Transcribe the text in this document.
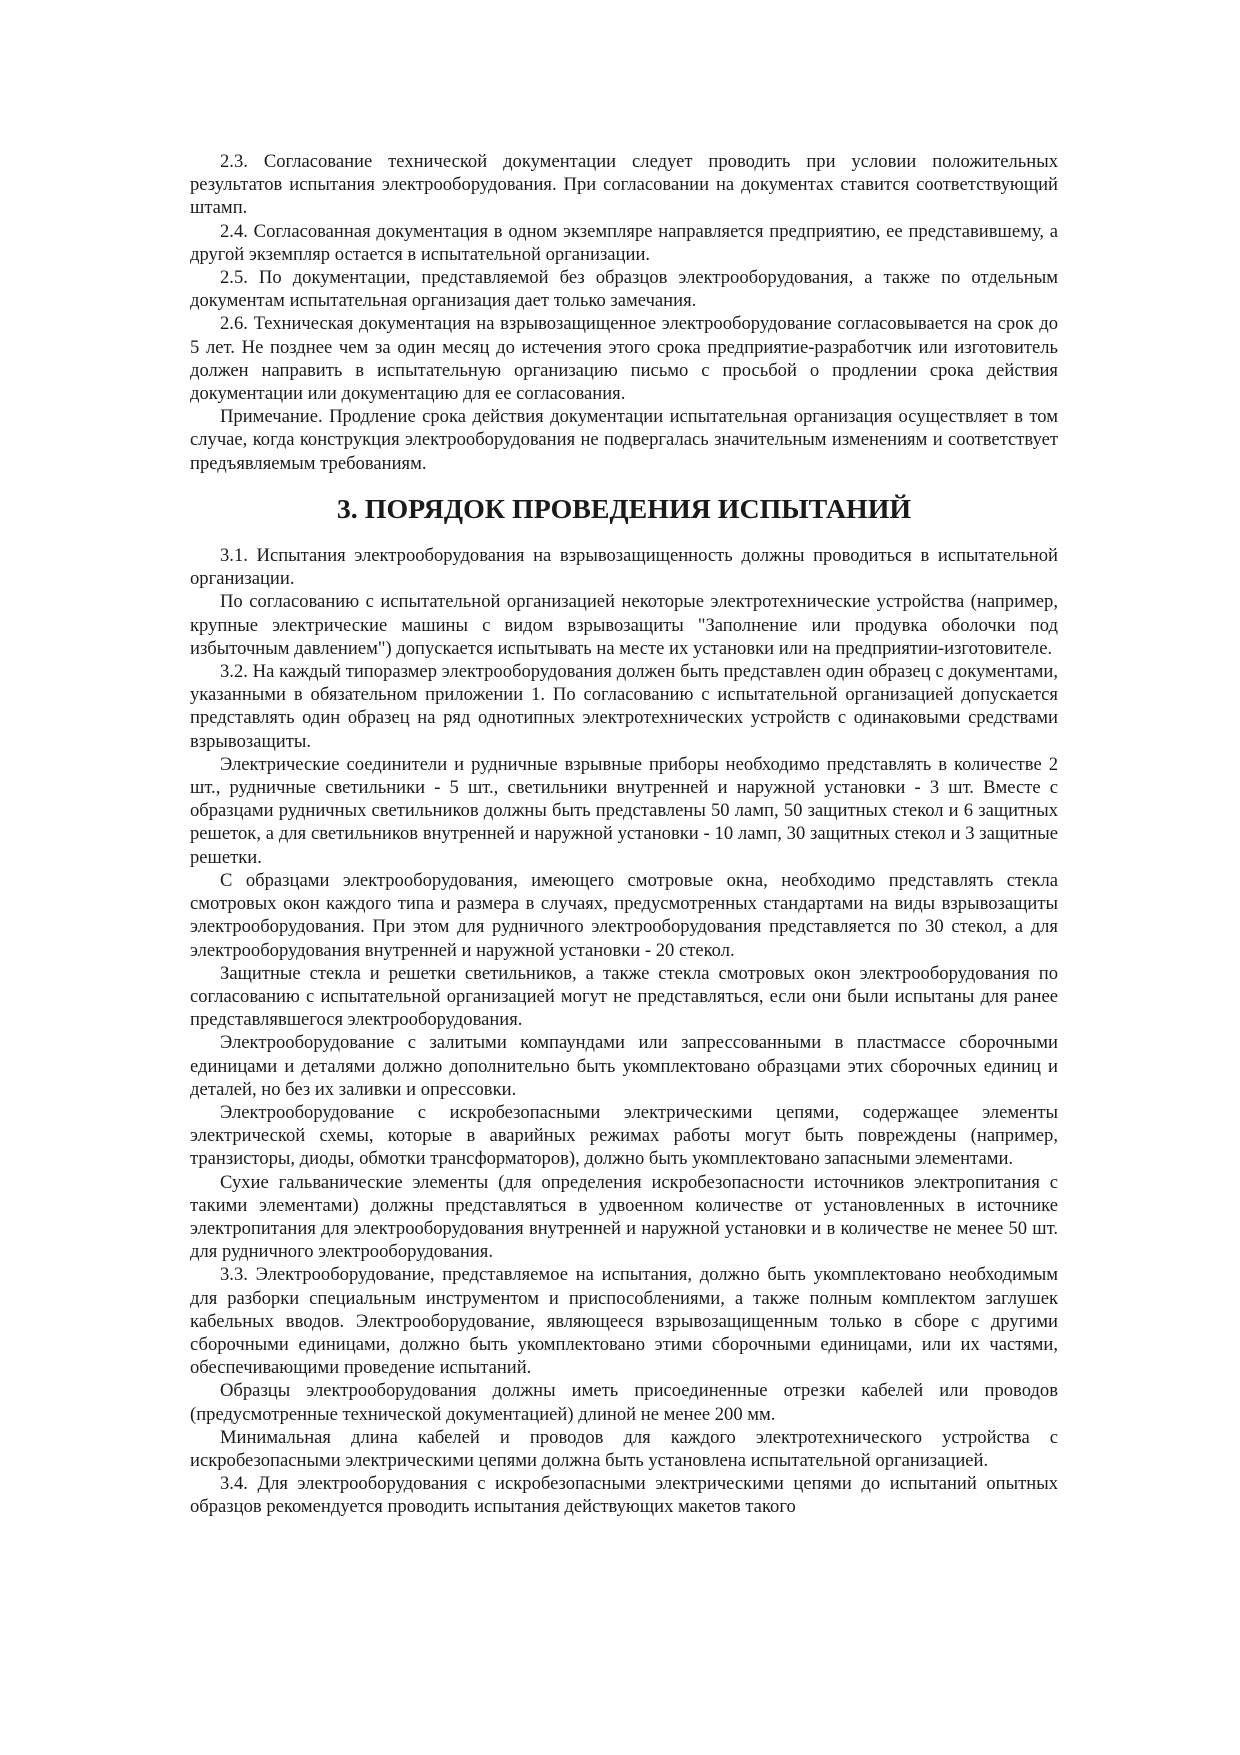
2.3. Согласование технической документации следует проводить при условии положительных результатов испытания электрооборудования. При согласовании на документах ставится соответствующий штамп.

2.4. Согласованная документация в одном экземпляре направляется предприятию, ее представившему, а другой экземпляр остается в испытательной организации.

2.5. По документации, представляемой без образцов электрооборудования, а также по отдельным документам испытательная организация дает только замечания.

2.6. Техническая документация на взрывозащищенное электрооборудование согласовывается на срок до 5 лет. Не позднее чем за один месяц до истечения этого срока предприятие-разработчик или изготовитель должен направить в испытательную организацию письмо с просьбой о продлении срока действия документации или документацию для ее согласования.

Примечание. Продление срока действия документации испытательная организация осуществляет в том случае, когда конструкция электрооборудования не подвергалась значительным изменениям и соответствует предъявляемым требованиям.

3. ПОРЯДОК ПРОВЕДЕНИЯ ИСПЫТАНИЙ

3.1. Испытания электрооборудования на взрывозащищенность должны проводиться в испытательной организации.

По согласованию с испытательной организацией некоторые электротехнические устройства (например, крупные электрические машины с видом взрывозащиты "Заполнение или продувка оболочки под избыточным давлением") допускается испытывать на месте их установки или на предприятии-изготовителе.

3.2. На каждый типоразмер электрооборудования должен быть представлен один образец с документами, указанными в обязательном приложении 1. По согласованию с испытательной организацией допускается представлять один образец на ряд однотипных электротехнических устройств с одинаковыми средствами взрывозащиты.

Электрические соединители и рудничные взрывные приборы необходимо представлять в количестве 2 шт., рудничные светильники - 5 шт., светильники внутренней и наружной установки - 3 шт. Вместе с образцами рудничных светильников должны быть представлены 50 ламп, 50 защитных стекол и 6 защитных решеток, а для светильников внутренней и наружной установки - 10 ламп, 30 защитных стекол и 3 защитные решетки.

С образцами электрооборудования, имеющего смотровые окна, необходимо представлять стекла смотровых окон каждого типа и размера в случаях, предусмотренных стандартами на виды взрывозащиты электрооборудования. При этом для рудничного электрооборудования представляется по 30 стекол, а для электрооборудования внутренней и наружной установки - 20 стекол.

Защитные стекла и решетки светильников, а также стекла смотровых окон электрооборудования по согласованию с испытательной организацией могут не представляться, если они были испытаны для ранее представлявшегося электрооборудования.

Электрооборудование с залитыми компаундами или запрессованными в пластмассе сборочными единицами и деталями должно дополнительно быть укомплектовано образцами этих сборочных единиц и деталей, но без их заливки и опрессовки.

Электрооборудование с искробезопасными электрическими цепями, содержащее элементы электрической схемы, которые в аварийных режимах работы могут быть повреждены (например, транзисторы, диоды, обмотки трансформаторов), должно быть укомплектовано запасными элементами.

Сухие гальванические элементы (для определения искробезопасности источников электропитания с такими элементами) должны представляться в удвоенном количестве от установленных в источнике электропитания для электрооборудования внутренней и наружной установки и в количестве не менее 50 шт. для рудничного электрооборудования.

3.3. Электрооборудование, представляемое на испытания, должно быть укомплектовано необходимым для разборки специальным инструментом и приспособлениями, а также полным комплектом заглушек кабельных вводов. Электрооборудование, являющееся взрывозащищенным только в сборе с другими сборочными единицами, должно быть укомплектовано этими сборочными единицами, или их частями, обеспечивающими проведение испытаний.

Образцы электрооборудования должны иметь присоединенные отрезки кабелей или проводов (предусмотренные технической документацией) длиной не менее 200 мм.

Минимальная длина кабелей и проводов для каждого электротехнического устройства с искробезопасными электрическими цепями должна быть установлена испытательной организацией.

3.4. Для электрооборудования с искробезопасными электрическими цепями до испытаний опытных образцов рекомендуется проводить испытания действующих макетов такого
